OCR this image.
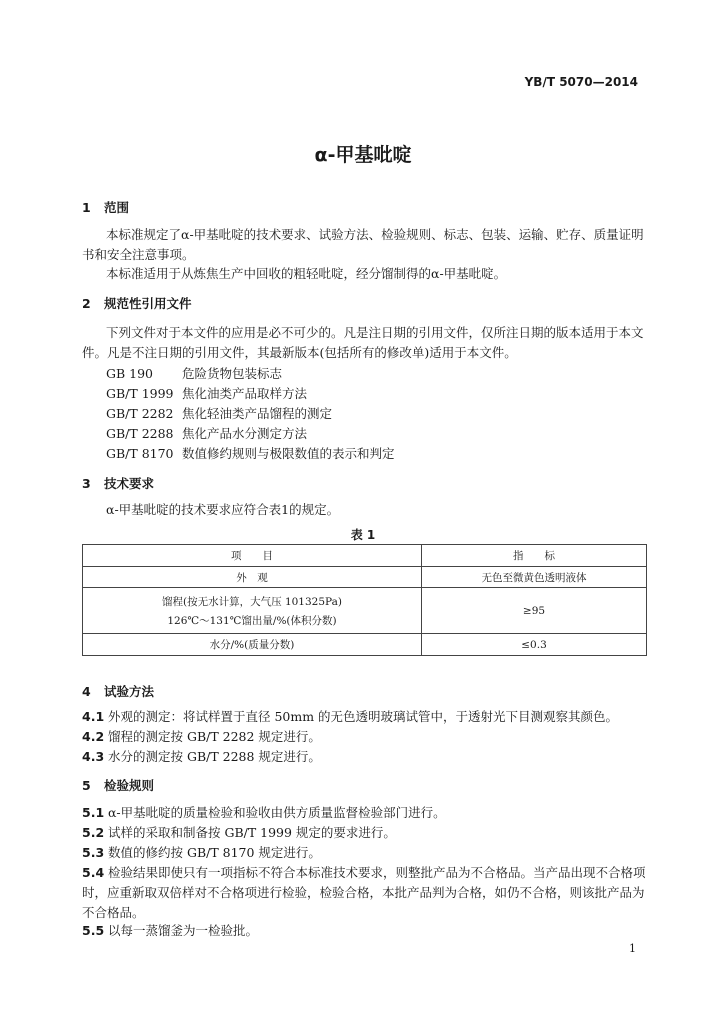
YB/T 5070—2014
α-甲基吡啶
1 范围
本标准规定了α-甲基吡啶的技术要求、试验方法、检验规则、标志、包装、运输、贮存、质量证明书和安全注意事项。
本标准适用于从炼焦生产中回收的粗轻吡啶，经分馏制得的α-甲基吡啶。
2 规范性引用文件
下列文件对于本文件的应用是必不可少的。凡是注日期的引用文件，仅所注日期的版本适用于本文件。凡是不注日期的引用文件，其最新版本(包括所有的修改单)适用于本文件。
GB 190 危险货物包装标志
GB/T 1999 焦化油类产品取样方法
GB/T 2282 焦化轻油类产品馏程的测定
GB/T 2288 焦化产品水分测定方法
GB/T 8170 数值修约规则与极限数值的表示和判定
3 技术要求
α-甲基吡啶的技术要求应符合表1的规定。
表 1
项　　目	指　　标
外　观	无色至微黄色透明液体

馏程(按无水计算，大气压 101325Pa)
126℃～131℃馏出量/%(体积分数)	≥95
水分/%(质量分数)	≤0.3
4 试验方法
4.1 外观的测定：将试样置于直径 50mm 的无色透明玻璃试管中，于透射光下目测观察其颜色。
4.2 馏程的测定按 GB/T 2282 规定进行。
4.3 水分的测定按 GB/T 2288 规定进行。
5 检验规则
5.1 α-甲基吡啶的质量检验和验收由供方质量监督检验部门进行。
5.2 试样的采取和制备按 GB/T 1999 规定的要求进行。
5.3 数值的修约按 GB/T 8170 规定进行。
5.4 检验结果即使只有一项指标不符合本标准技术要求，则整批产品为不合格品。当产品出现不合格项时，应重新取双倍样对不合格项进行检验，检验合格，本批产品判为合格，如仍不合格，则该批产品为不合格品。
5.5 以每一蒸馏釜为一检验批。
1
